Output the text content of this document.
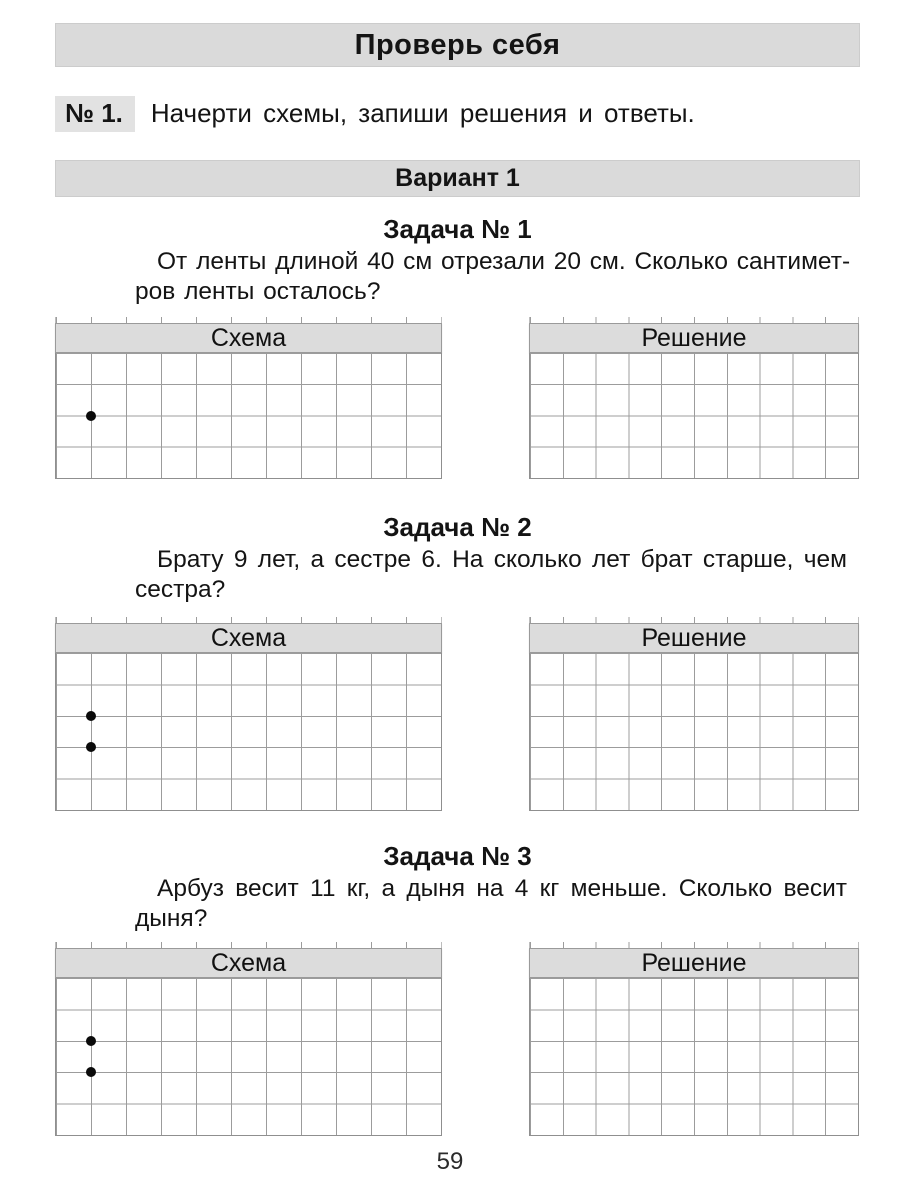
Проверь себя
№ 1.	Начерти схемы, запиши решения и ответы.
Вариант 1
Задача № 1
От ленты длиной 40 см отрезали 20 см. Сколько сантимет-
ров ленты осталось?
Схема	Решение
Задача № 2
Брату 9 лет, а сестре 6. На сколько лет брат старше, чем
сестра?
Схема	Решение
Задача № 3
Арбуз весит 11 кг, а дыня на 4 кг меньше. Сколько весит
дыня?
Схема	Решение
59
